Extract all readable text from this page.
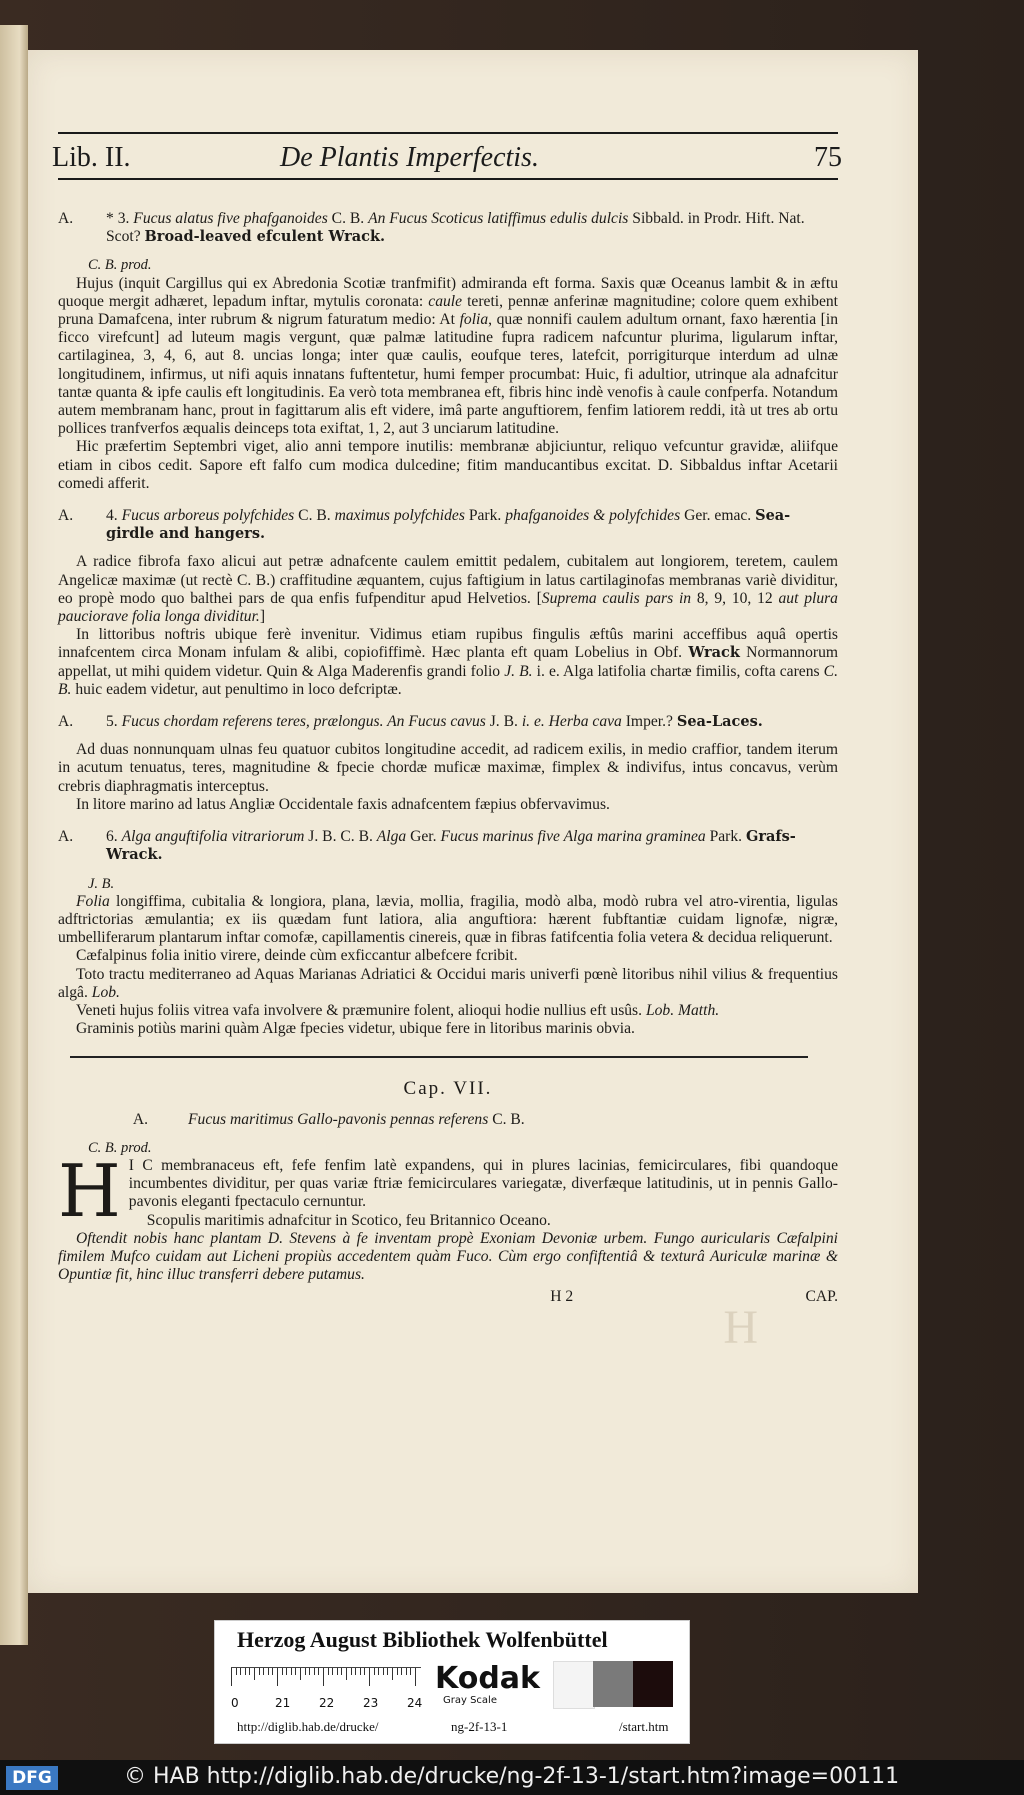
Lib. II.	De Plantis Imperfectis.	75
A.	* 3. Fucus alatus five phafganoides C. B. An Fucus Scoticus latiffimus edulis dulcis Sibbald. in Prodr. Hift. Nat. Scot? Broad-leaved efculent Wrack.
C. B. prod.

Hujus (inquit Cargillus qui ex Abredonia Scotiæ tranfmifit) admiranda eft forma. Saxis quæ Oceanus lambit & in æftu quoque mergit adhæret, lepadum inftar, mytulis coronata: caule tereti, pennæ anferinæ magnitudine; colore quem exhibent pruna Damafcena, inter rubrum & nigrum faturatum medio: At folia, quæ nonnifi caulem adultum ornant, faxo hærentia [in ficco virefcunt] ad luteum magis vergunt, quæ palmæ latitudine fupra radicem nafcuntur plurima, ligularum inftar, cartilaginea, 3, 4, 6, aut 8. uncias longa; inter quæ caulis, eoufque teres, latefcit, porrigiturque interdum ad ulnæ longitudinem, infirmus, ut nifi aquis innatans fuftentetur, humi femper procumbat: Huic, fi adultior, utrinque ala adnafcitur tantæ quanta & ipfe caulis eft longitudinis. Ea verò tota membranea eft, fibris hinc indè venofis à caule confperfa. Notandum autem membranam hanc, prout in fagittarum alis eft videre, imâ parte anguftiorem, fenfim latiorem reddi, ità ut tres ab ortu pollices tranfverfos æqualis deinceps tota exiftat, 1, 2, aut 3 unciarum latitudine.

Hic præfertim Septembri viget, alio anni tempore inutilis: membranæ abjiciuntur, reliquo vefcuntur gravidæ, aliifque etiam in cibos cedit. Sapore eft falfo cum modica dulcedine; fitim manducantibus excitat. D. Sibbaldus inftar Acetarii comedi afferit.

A.	4. Fucus arboreus polyfchides C. B. maximus polyfchides Park. phafganoides & polyfchides Ger. emac. Sea-girdle and hangers.

A radice fibrofa faxo alicui aut petræ adnafcente caulem emittit pedalem, cubitalem aut longiorem, teretem, caulem Angelicæ maximæ (ut rectè C. B.) craffitudine æquantem, cujus faftigium in latus cartilaginofas membranas variè dividitur, eo propè modo quo balthei pars de qua enfis fufpenditur apud Helvetios. [Suprema caulis pars in 8, 9, 10, 12 aut plura pauciorave folia longa dividitur.]

In littoribus noftris ubique ferè invenitur. Vidimus etiam rupibus fingulis æftûs marini acceffibus aquâ opertis innafcentem circa Monam infulam & alibi, copiofiffimè. Hæc planta eft quam Lobelius in Obf. Wrack Normannorum appellat, ut mihi quidem videtur. Quin & Alga Maderenfis grandi folio J. B. i. e. Alga latifolia chartæ fimilis, cofta carens C. B. huic eadem videtur, aut penultimo in loco defcriptæ.

A.	5. Fucus chordam referens teres, prælongus. An Fucus cavus J. B. i. e. Herba cava Imper.? Sea-Laces.

Ad duas nonnunquam ulnas feu quatuor cubitos longitudine accedit, ad radicem exilis, in medio craffior, tandem iterum in acutum tenuatus, teres, magnitudine & fpecie chordæ muficæ maximæ, fimplex & indivifus, intus concavus, verùm crebris diaphragmatis interceptus.

In litore marino ad latus Angliæ Occidentale faxis adnafcentem fæpius obfervavimus.

A.	6. Alga anguftifolia vitrariorum J. B. C. B. Alga Ger. Fucus marinus five Alga marina graminea Park. Grafs-Wrack.
J. B.

Folia longiffima, cubitalia & longiora, plana, lævia, mollia, fragilia, modò alba, modò rubra vel atro-virentia, ligulas adftrictorias æmulantia; ex iis quædam funt latiora, alia anguftiora: hærent fubftantiæ cuidam lignofæ, nigræ, umbelliferarum plantarum inftar comofæ, capillamentis cinereis, quæ in fibras fatifcentia folia vetera & decidua reliquerunt.

Cæfalpinus folia initio virere, deinde cùm exficcantur albefcere fcribit.

Toto tractu mediterraneo ad Aquas Marianas Adriatici & Occidui maris univerfi pœnè litoribus nihil vilius & frequentius algâ. Lob.

Veneti hujus foliis vitrea vafa involvere & præmunire folent, alioqui hodie nullius eft usûs. Lob. Matth.

Graminis potiùs marini quàm Algæ fpecies videtur, ubique fere in litoribus marinis obvia.

Cap. VII.
A.	Fucus maritimus Gallo-pavonis pennas referens C. B.
C. B. prod.

H I C membranaceus eft, fefe fenfim latè expandens, qui in plures lacinias, femicirculares, fibi quandoque incumbentes dividitur, per quas variæ ftriæ femicirculares variegatæ, diverfæque latitudinis, ut in pennis Gallo-pavonis eleganti fpectaculo cernuntur.

Scopulis maritimis adnafcitur in Scotico, feu Britannico Oceano.

Oftendit nobis hanc plantam D. Stevens à fe inventam propè Exoniam Devoniæ urbem. Fungo auricularis Cæfalpini fimilem Mufco cuidam aut Licheni propiùs accedentem quàm Fuco. Cùm ergo confiftentiâ & texturâ Auriculæ marinæ & Opuntiæ fit, hinc illuc transferri debere putamus.

H 2	CAP.
H
Herzog August Bibliothek Wolfenbüttel
0	21 22 23 24
Kodak
Gray Scale
http://diglib.hab.de/drucke/	ng-2f-13-1	/start.htm
DFG	© HAB http://diglib.hab.de/drucke/ng-2f-13-1/start.htm?image=00111
